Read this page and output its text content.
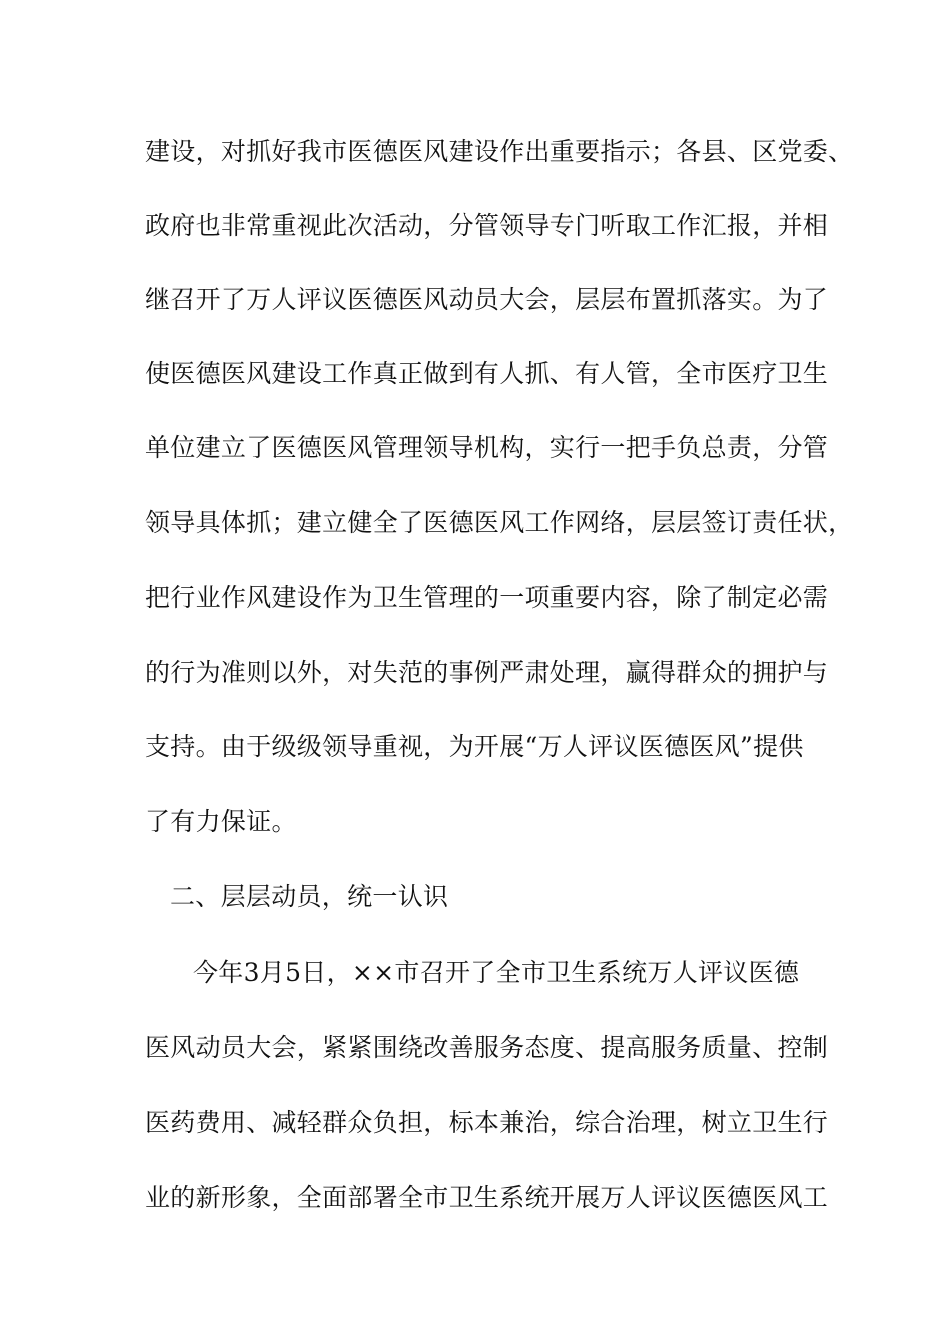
建设，对抓好我市医德医风建设作出重要指示；各县、区党委、
政府也非常重视此次活动，分管领导专门听取工作汇报，并相
继召开了万人评议医德医风动员大会，层层布置抓落实。为了
使医德医风建设工作真正做到有人抓、有人管，全市医疗卫生
单位建立了医德医风管理领导机构，实行一把手负总责，分管
领导具体抓；建立健全了医德医风工作网络，层层签订责任状，
把行业作风建设作为卫生管理的一项重要内容，除了制定必需
的行为准则以外，对失范的事例严肃处理，赢得群众的拥护与
支持。由于级级领导重视，为开展“万人评议医德医风”提供
了有力保证。
二、层层动员，统一认识
今年3月5日，××市召开了全市卫生系统万人评议医德
医风动员大会，紧紧围绕改善服务态度、提高服务质量、控制
医药费用、减轻群众负担，标本兼治，综合治理，树立卫生行
业的新形象，全面部署全市卫生系统开展万人评议医德医风工
